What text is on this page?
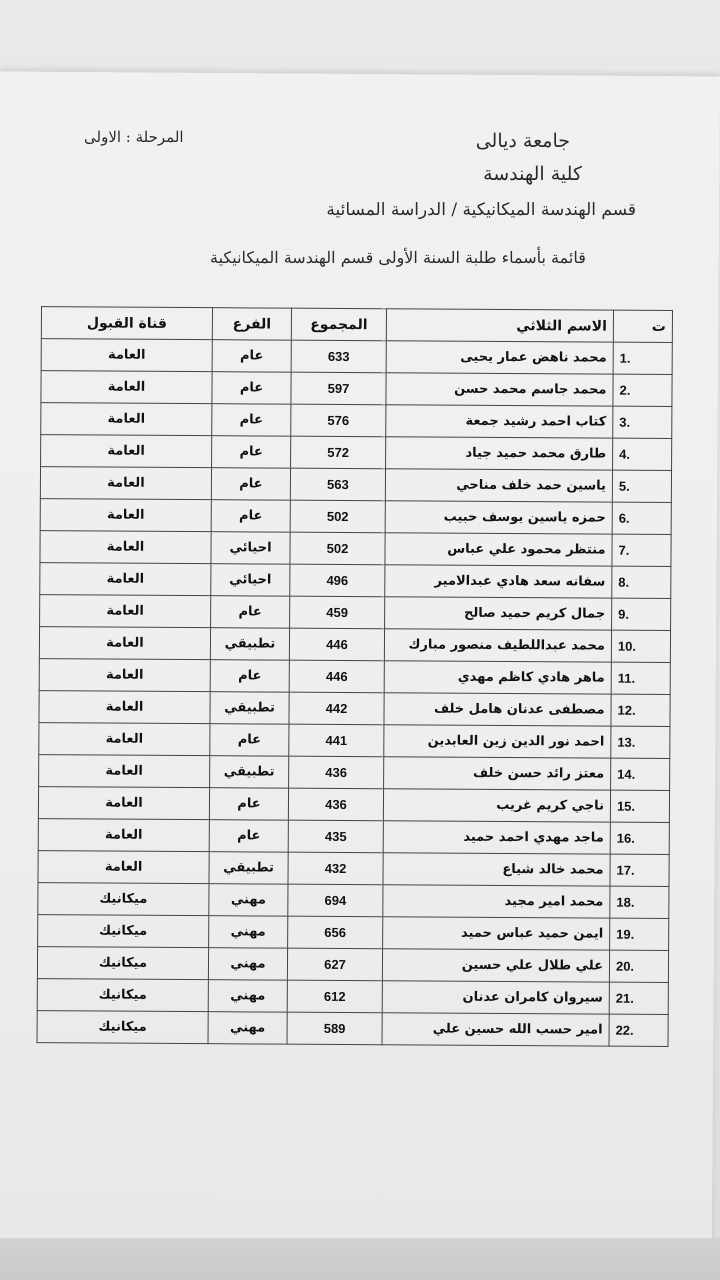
جامعة ديالى
كلية الهندسة
قسم الهندسة الميكانيكية / الدراسة المسائية
المرحلة : الاولى
قائمة بأسماء طلبة السنة الأولى قسم الهندسة الميكانيكية
ت	الاسم الثلاثي	المجموع	الفرع	قناة القبول
1.	محمد ناهض عمار يحيى	633	عام	العامة
2.	محمد جاسم محمد حسن	597	عام	العامة
3.	كتاب احمد رشيد جمعة	576	عام	العامة
4.	طارق محمد حميد جياد	572	عام	العامة
5.	ياسين حمد خلف مناحي	563	عام	العامة
6.	حمزه ياسين يوسف حبيب	502	عام	العامة
7.	منتظر محمود علي عباس	502	احيائي	العامة
8.	سفانه سعد هادي عبدالامير	496	احيائي	العامة
9.	جمال كريم حميد صالح	459	عام	العامة
10.	محمد عبداللطيف منصور مبارك	446	تطبيقي	العامة
11.	ماهر هادي كاظم مهدي	446	عام	العامة
12.	مصطفى عدنان هامل خلف	442	تطبيقي	العامة
13.	احمد نور الدين زين العابدين	441	عام	العامة
14.	معتز رائد حسن خلف	436	تطبيقي	العامة
15.	ناجي كريم غريب	436	عام	العامة
16.	ماجد مهدي احمد حميد	435	عام	العامة
17.	محمد خالد شياع	432	تطبيقي	العامة
18.	محمد امير مجيد	694	مهني	ميكانيك
19.	ايمن حميد عباس حميد	656	مهني	ميكانيك
20.	علي طلال علي حسين	627	مهني	ميكانيك
21.	سيروان كامران عدنان	612	مهني	ميكانيك
22.	امير حسب الله حسين علي	589	مهني	ميكانيك
